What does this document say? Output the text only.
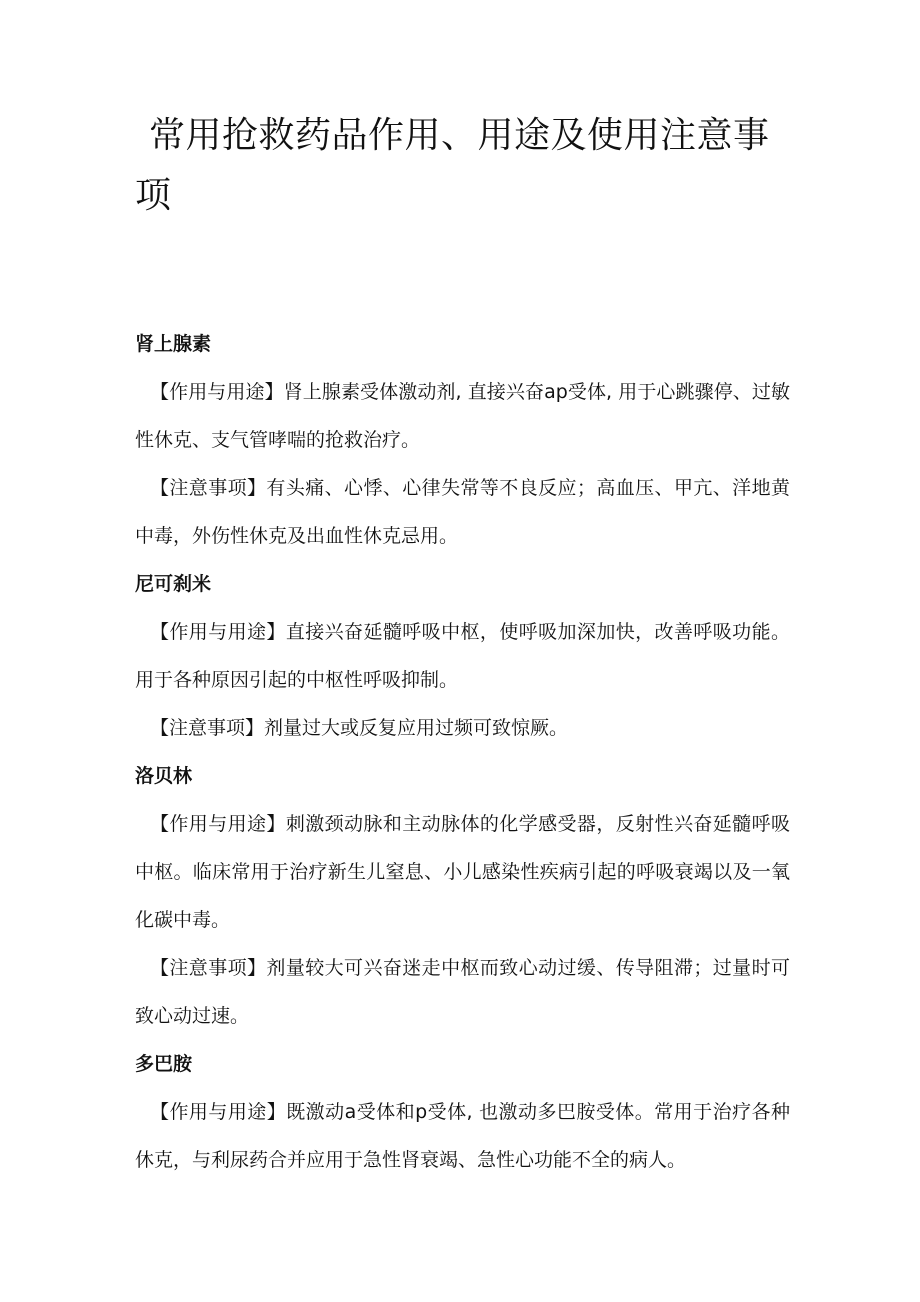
常用抢救药品作用、用途及使用注意事项
肾上腺素

【作用与用途】肾上腺素受体激动剂, 直接兴奋ap受体, 用于心跳骤停、过敏性休克、支气管哮喘的抢救治疗。

【注意事项】有头痛、心悸、心律失常等不良反应；高血压、甲亢、洋地黄中毒，外伤性休克及出血性休克忌用。

尼可刹米

【作用与用途】直接兴奋延髓呼吸中枢，使呼吸加深加快，改善呼吸功能。用于各种原因引起的中枢性呼吸抑制。

【注意事项】剂量过大或反复应用过频可致惊厥。

洛贝林

【作用与用途】刺激颈动脉和主动脉体的化学感受器，反射性兴奋延髓呼吸中枢。临床常用于治疗新生儿窒息、小儿感染性疾病引起的呼吸衰竭以及一氧化碳中毒。

【注意事项】剂量较大可兴奋迷走中枢而致心动过缓、传导阻滞；过量时可致心动过速。

多巴胺

【作用与用途】既激动a受体和p受体, 也激动多巴胺受体。常用于治疗各种休克，与利尿药合并应用于急性肾衰竭、急性心功能不全的病人。
